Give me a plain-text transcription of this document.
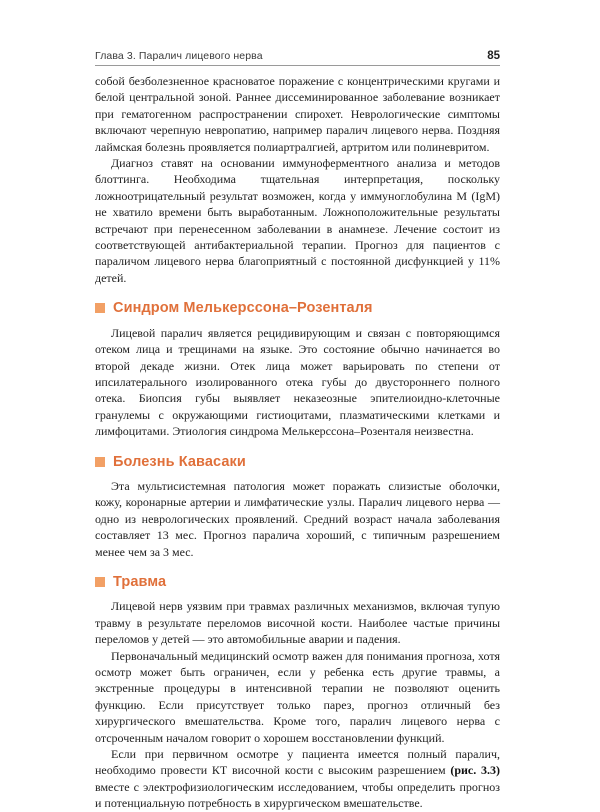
Глава 3. Паралич лицевого нерва	85

собой безболезненное красноватое поражение с концентрическими кругами и белой центральной зоной. Раннее диссеминированное заболевание возникает при гематогенном распространении спирохет. Неврологические симптомы включают черепную невропатию, например паралич лицевого нерва. Поздняя лаймская болезнь проявляется полиартралгией, артритом или полиневритом.

Диагноз ставят на основании иммуноферментного анализа и методов блоттинга. Необходима тщательная интерпретация, поскольку ложноотрицательный результат возможен, когда у иммуноглобулина M (IgM) не хватило времени быть выработанным. Ложноположительные результаты встречают при перенесенном заболевании в анамнезе. Лечение состоит из соответствующей антибактериальной терапии. Прогноз для пациентов с параличом лицевого нерва благоприятный с постоянной дисфункцией у 11% детей.

Синдром Мелькерссона–Розенталя

Лицевой паралич является рецидивирующим и связан с повторяющимся отеком лица и трещинами на языке. Это состояние обычно начинается во второй декаде жизни. Отек лица может варьировать по степени от ипсилатерального изолированного отека губы до двустороннего полного отека. Биопсия губы выявляет неказеозные эпителиоидно-клеточные гранулемы с окружающими гистиоцитами, плазматическими клетками и лимфоцитами. Этиология синдрома Мелькерссона–Розенталя неизвестна.

Болезнь Кавасаки

Эта мультисистемная патология может поражать слизистые оболочки, кожу, коронарные артерии и лимфатические узлы. Паралич лицевого нерва — одно из неврологических проявлений. Средний возраст начала заболевания составляет 13 мес. Прогноз паралича хороший, с типичным разрешением менее чем за 3 мес.

Травма

Лицевой нерв уязвим при травмах различных механизмов, включая тупую травму в результате переломов височной кости. Наиболее частые причины переломов у детей — это автомобильные аварии и падения.

Первоначальный медицинский осмотр важен для понимания прогноза, хотя осмотр может быть ограничен, если у ребенка есть другие травмы, а экстренные процедуры в интенсивной терапии не позволяют оценить функцию. Если присутствует только парез, прогноз отличный без хирургического вмешательства. Кроме того, паралич лицевого нерва с отсроченным началом говорит о хорошем восстановлении функций.

Если при первичном осмотре у пациента имеется полный паралич, необходимо провести КТ височной кости с высоким разрешением (рис. 3.3) вместе с электрофизиологическим исследованием, чтобы определить прогноз и потенциальную потребность в хирургическом вмешательстве.
